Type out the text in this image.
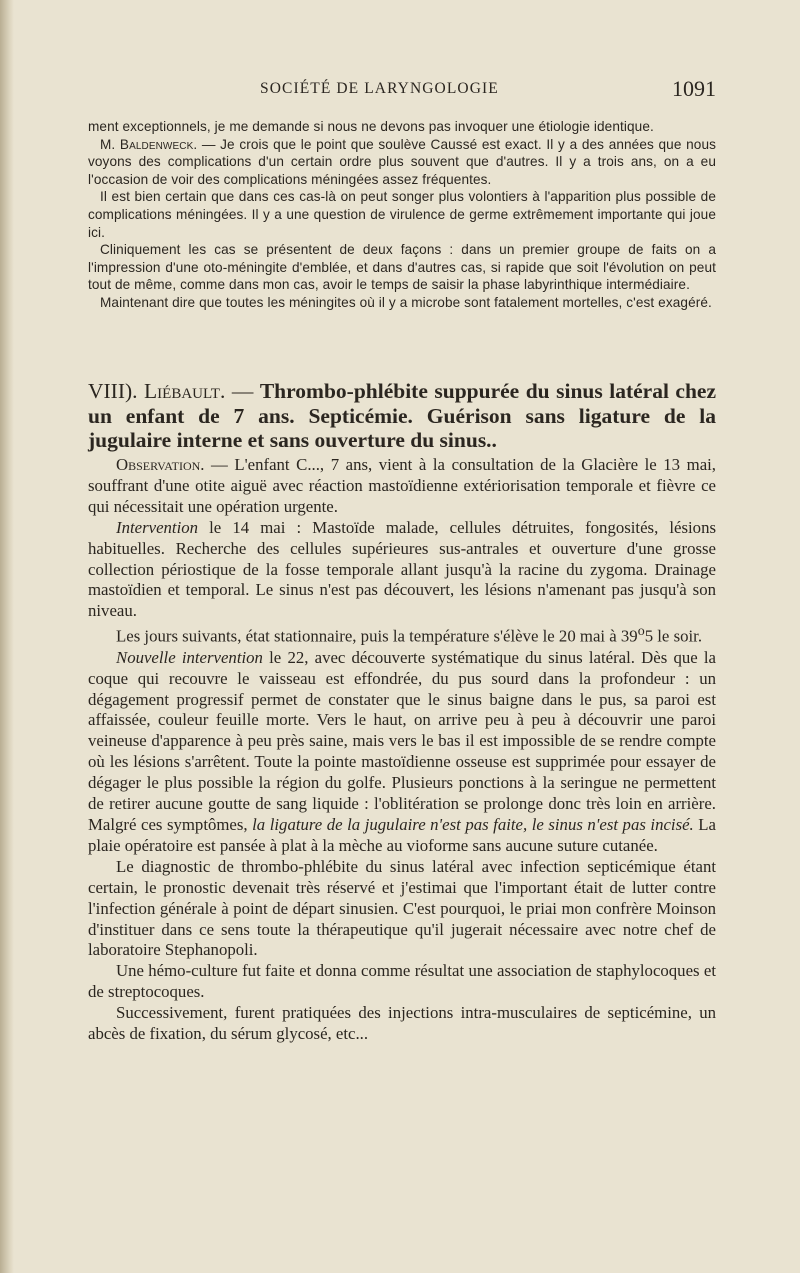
SOCIÉTÉ DE LARYNGOLOGIE	1091

ment exceptionnels, je me demande si nous ne devons pas invoquer une étiologie identique.

M. Baldenweck. — Je crois que le point que soulève Caussé est exact. Il y a des années que nous voyons des complications d'un certain ordre plus souvent que d'autres. Il y a trois ans, on a eu l'occasion de voir des complications méningées assez fréquentes.

Il est bien certain que dans ces cas-là on peut songer plus volontiers à l'apparition plus possible de complications méningées. Il y a une question de virulence de germe extrêmement importante qui joue ici.

Cliniquement les cas se présentent de deux façons : dans un premier groupe de faits on a l'impression d'une oto-méningite d'emblée, et dans d'autres cas, si rapide que soit l'évolution on peut tout de même, comme dans mon cas, avoir le temps de saisir la phase labyrinthique intermédiaire.

Maintenant dire que toutes les méningites où il y a microbe sont fatalement mortelles, c'est exagéré.

VIII). Liébault. — Thrombo-phlébite suppurée du sinus latéral chez un enfant de 7 ans. Septicémie. Guérison sans ligature de la jugulaire interne et sans ouverture du sinus..

Observation. — L'enfant C..., 7 ans, vient à la consultation de la Glacière le 13 mai, souffrant d'une otite aiguë avec réaction mastoïdienne extériorisation temporale et fièvre ce qui nécessitait une opération urgente.

Intervention le 14 mai : Mastoïde malade, cellules détruites, fongosités, lésions habituelles. Recherche des cellules supérieures sus-antrales et ouverture d'une grosse collection périostique de la fosse temporale allant jusqu'à la racine du zygoma. Drainage mastoïdien et temporal. Le sinus n'est pas découvert, les lésions n'amenant pas jusqu'à son niveau.

Les jours suivants, état stationnaire, puis la température s'élève le 20 mai à 39$^o$5 le soir.

Nouvelle intervention le 22, avec découverte systématique du sinus latéral. Dès que la coque qui recouvre le vaisseau est effondrée, du pus sourd dans la profondeur : un dégagement progressif permet de constater que le sinus baigne dans le pus, sa paroi est affaissée, couleur feuille morte. Vers le haut, on arrive peu à peu à découvrir une paroi veineuse d'apparence à peu près saine, mais vers le bas il est impossible de se rendre compte où les lésions s'arrêtent. Toute la pointe mastoïdienne osseuse est supprimée pour essayer de dégager le plus possible la région du golfe. Plusieurs ponctions à la seringue ne permettent de retirer aucune goutte de sang liquide : l'oblitération se prolonge donc très loin en arrière. Malgré ces symptômes, la ligature de la jugulaire n'est pas faite, le sinus n'est pas incisé. La plaie opératoire est pansée à plat à la mèche au vioforme sans aucune suture cutanée.

Le diagnostic de thrombo-phlébite du sinus latéral avec infection septicémique étant certain, le pronostic devenait très réservé et j'estimai que l'important était de lutter contre l'infection générale à point de départ sinusien. C'est pourquoi, le priai mon confrère Moinson d'instituer dans ce sens toute la thérapeutique qu'il jugerait nécessaire avec notre chef de laboratoire Stephanopoli.

Une hémo-culture fut faite et donna comme résultat une association de staphylocoques et de streptocoques.

Successivement, furent pratiquées des injections intra-musculaires de septicémine, un abcès de fixation, du sérum glycosé, etc...
